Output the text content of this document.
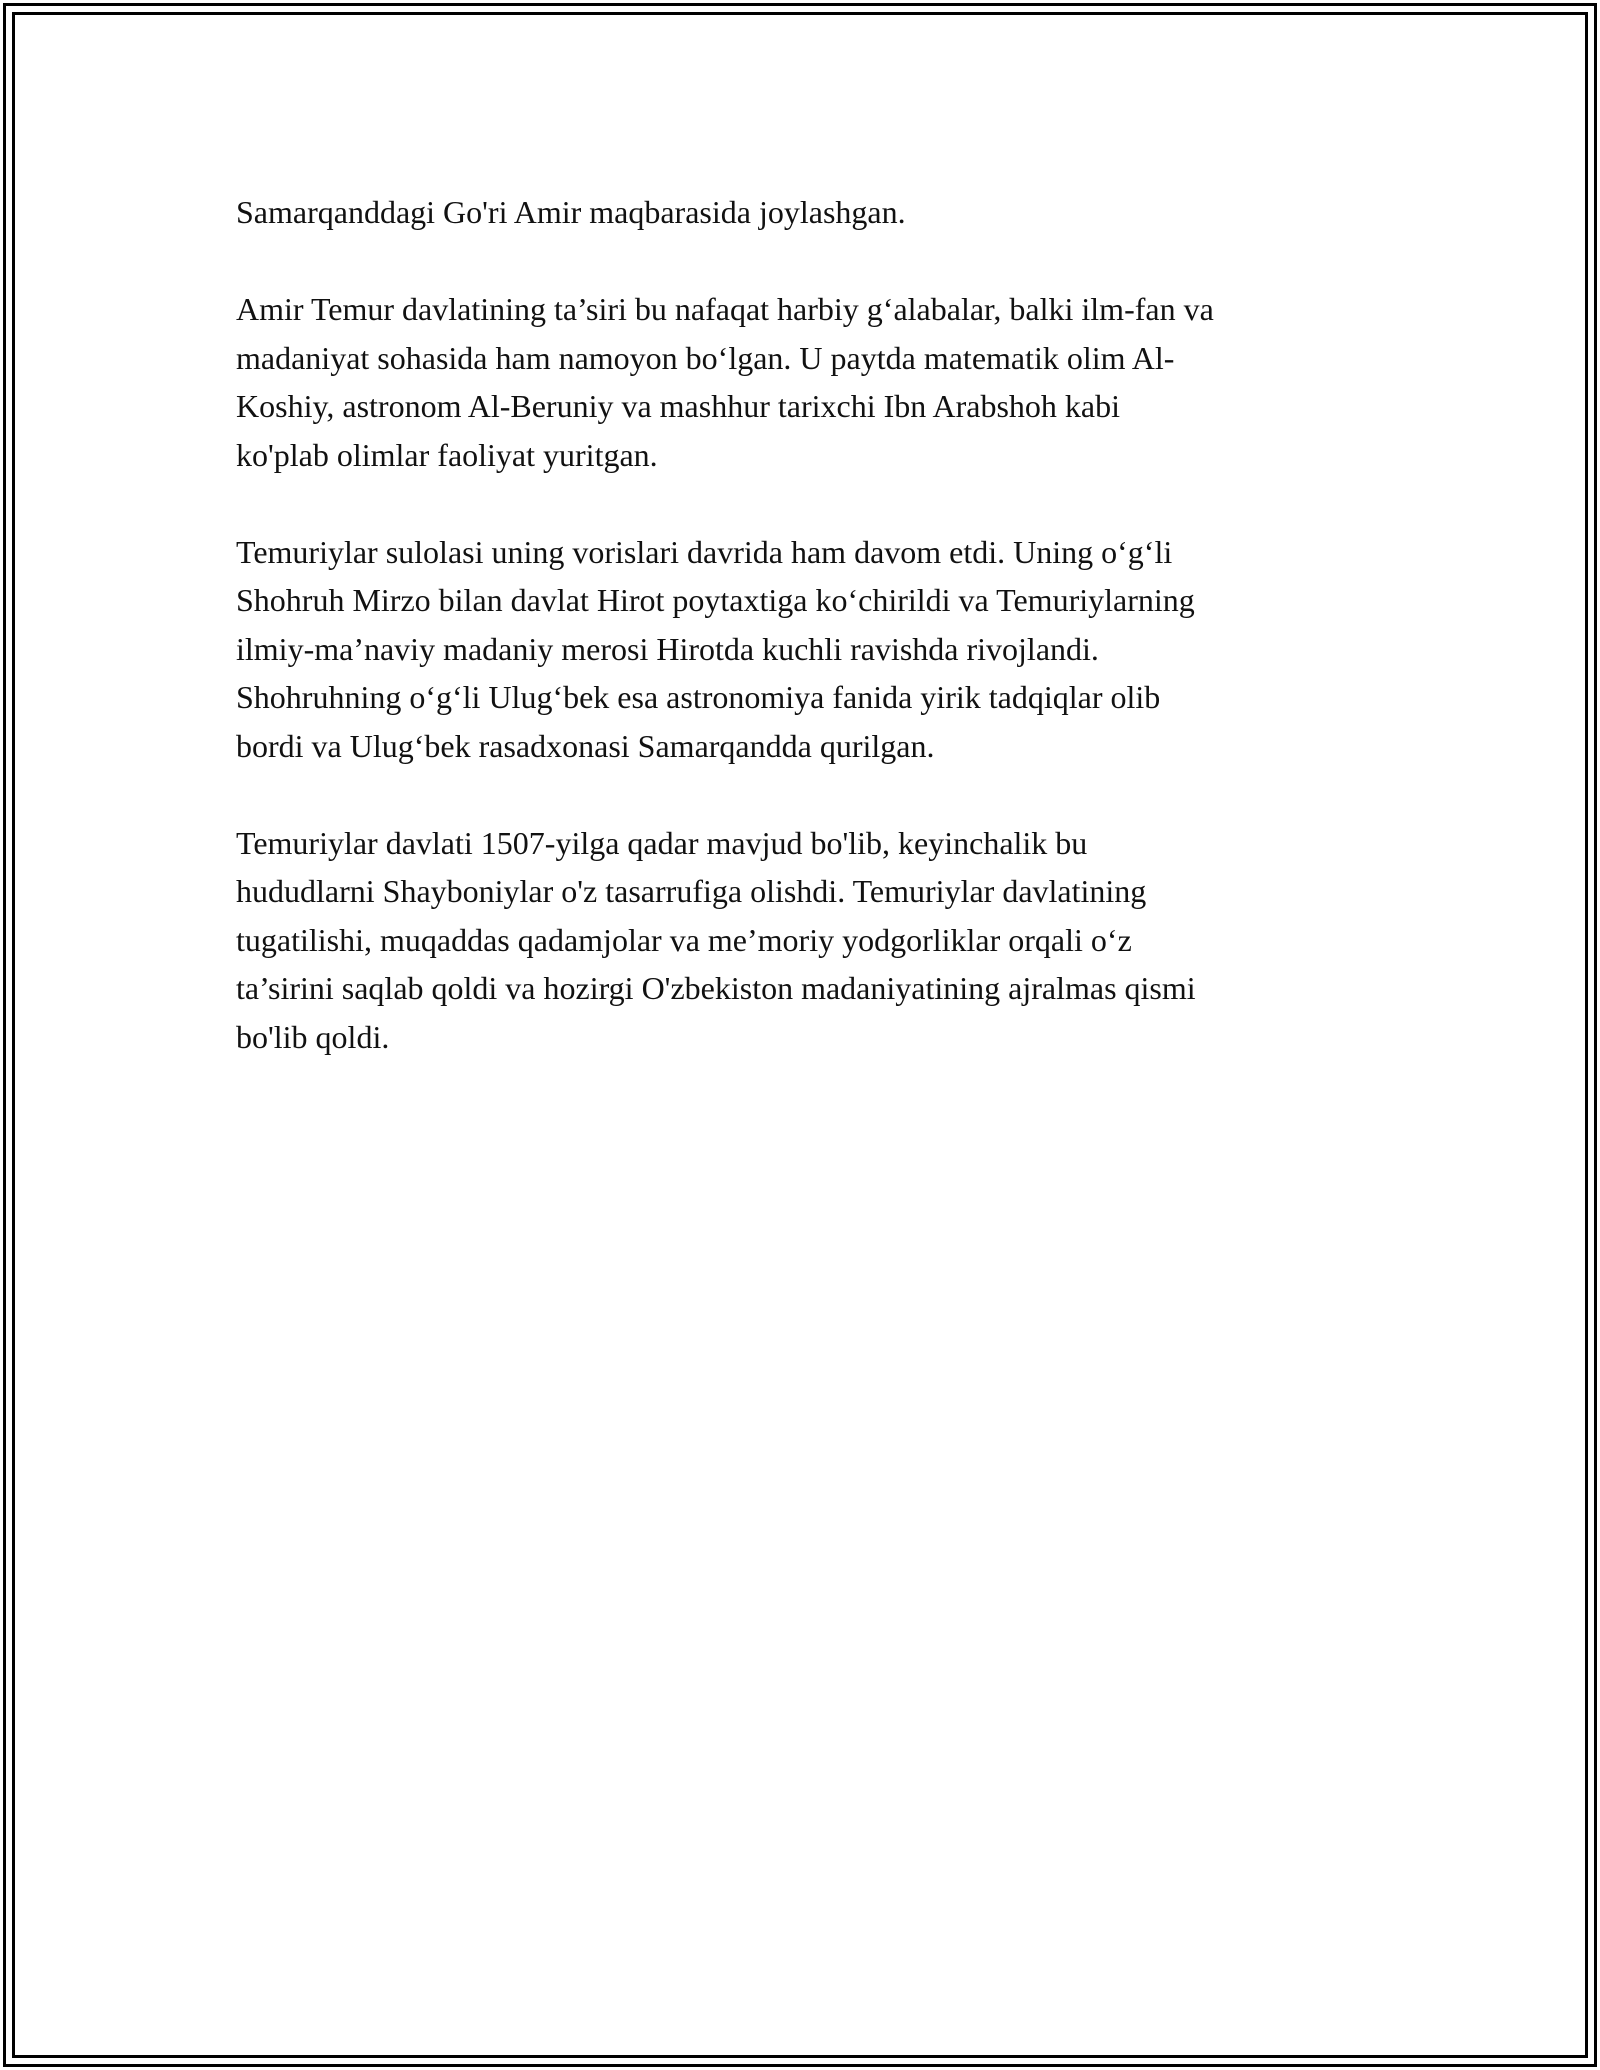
Samarqanddagi Go'ri Amir maqbarasida joylashgan.

Amir Temur davlatining ta’siri bu nafaqat harbiy g‘alabalar, balki ilm-fan va
madaniyat sohasida ham namoyon bo‘lgan. U paytda matematik olim Al-
Koshiy, astronom Al-Beruniy va mashhur tarixchi Ibn Arabshoh kabi
ko'plab olimlar faoliyat yuritgan.

Temuriylar sulolasi uning vorislari davrida ham davom etdi. Uning o‘g‘li
Shohruh Mirzo bilan davlat Hirot poytaxtiga ko‘chirildi va Temuriylarning
ilmiy-ma’naviy madaniy merosi Hirotda kuchli ravishda rivojlandi.
Shohruhning o‘g‘li Ulug‘bek esa astronomiya fanida yirik tadqiqlar olib
bordi va Ulug‘bek rasadxonasi Samarqandda qurilgan.

Temuriylar davlati 1507-yilga qadar mavjud bo'lib, keyinchalik bu
hududlarni Shayboniylar o'z tasarrufiga olishdi. Temuriylar davlatining
tugatilishi, muqaddas qadamjolar va me’moriy yodgorliklar orqali o‘z
ta’sirini saqlab qoldi va hozirgi O'zbekiston madaniyatining ajralmas qismi
bo'lib qoldi.
